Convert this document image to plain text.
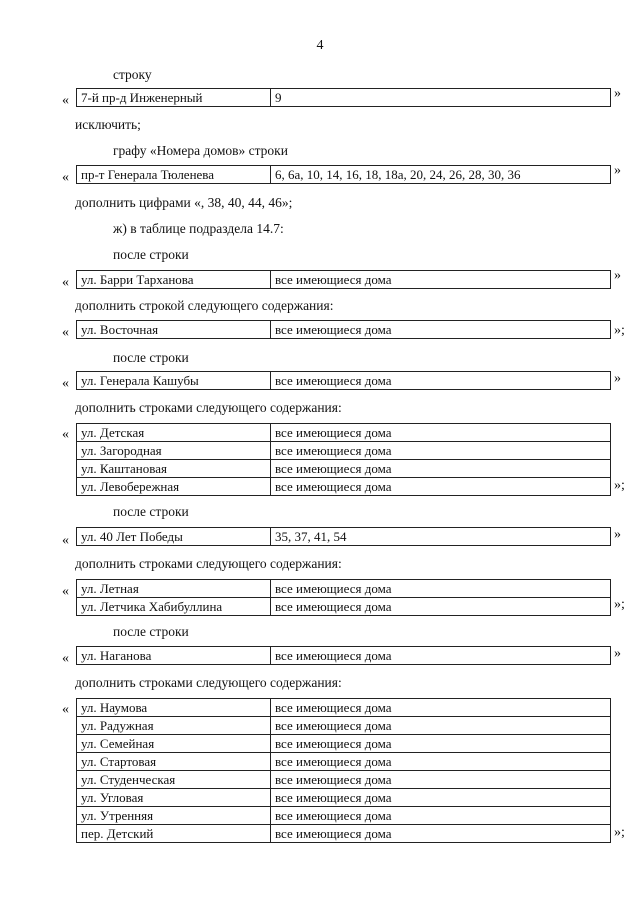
4
строку
« 7-й пр-д Инженерный	9	»
исключить;
графу «Номера домов» строки
« пр-т Генерала Тюленева	6, 6а, 10, 14, 16, 18, 18а, 20, 24, 26, 28, 30, 36	»
дополнить цифрами «, 38, 40, 44, 46»;
ж) в таблице подраздела 14.7:
после строки
« ул. Барри Тарханова	все имеющиеся дома	»
дополнить строкой следующего содержания:
« ул. Восточная	все имеющиеся дома	»;
после строки
« ул. Генерала Кашубы	все имеющиеся дома	»
дополнить строками следующего содержания:
« ул. Детская	все имеющиеся дома
ул. Загородная	все имеющиеся дома
ул. Каштановая	все имеющиеся дома
ул. Левобережная	все имеющиеся дома	»;
после строки
« ул. 40 Лет Победы	35, 37, 41, 54	»
дополнить строками следующего содержания:
« ул. Летная	все имеющиеся дома
ул. Летчика Хабибуллина	все имеющиеся дома	»;
после строки
« ул. Наганова	все имеющиеся дома	»
дополнить строками следующего содержания:
« ул. Наумова	все имеющиеся дома
ул. Радужная	все имеющиеся дома
ул. Семейная	все имеющиеся дома
ул. Стартовая	все имеющиеся дома
ул. Студенческая	все имеющиеся дома
ул. Угловая	все имеющиеся дома
ул. Утренняя	все имеющиеся дома
пер. Детский	все имеющиеся дома	»;
